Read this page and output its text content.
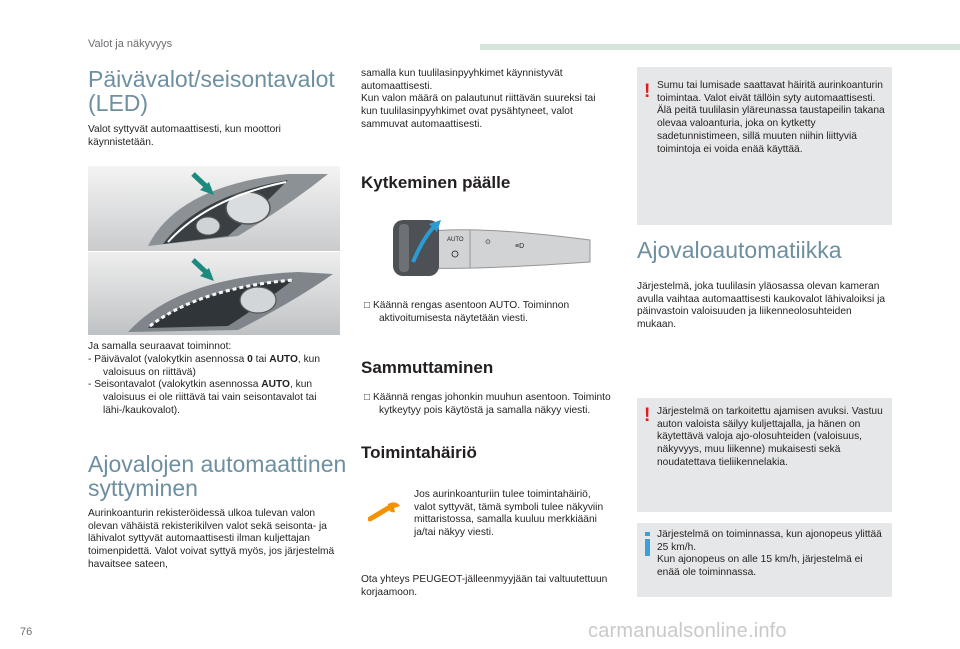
Valot ja näkyvyys
Päivävalot/seisontavalot
(LED)

Valot syttyvät automaattisesti, kun moottori käynnistetään.

Ja samalla seuraavat toiminnot:

- Päivävalot (valokytkin asennossa 0 tai AUTO, kun valoisuus on riittävä)

- Seisontavalot (valokytkin asennossa AUTO, kun valoisuus ei ole riittävä tai vain seisontavalot tai lähi-/kaukovalot).

Ajovalojen automaattinen
syttyminen

Aurinkoanturin rekisteröidessä ulkoa tulevan valon olevan vähäistä rekisterikilven valot sekä seisonta- ja lähivalot syttyvät automaattisesti ilman kuljettajan toimenpidettä. Valot voivat syttyä myös, jos järjestelmä havaitsee sateen,

samalla kun tuulilasinpyyhkimet käynnistyvät automaattisesti.
Kun valon määrä on palautunut riittävän suureksi tai kun tuulilasinpyyhkimet ovat pysähtyneet, valot sammuvat automaattisesti.

Kytkeminen päälle
AUTO	⊙
≡D

□ Käännä rengas asentoon AUTO. Toiminnon aktivoitumisesta näytetään viesti.

Sammuttaminen

□ Käännä rengas johonkin muuhun asentoon. Toiminto kytkeytyy pois käytöstä ja samalla näkyy viesti.

Toimintahäiriö

Jos aurinkoanturiin tulee toimintahäiriö, valot syttyvät, tämä symboli tulee näkyviin mittaristossa, samalla kuuluu merkkiääni ja/tai näkyy viesti.

Ota yhteys PEUGEOT-jälleenmyyjään tai valtuutettuun korjaamoon.

! Sumu tai lumisade saattavat häiritä aurinkoanturin toimintaa. Valot eivät tällöin syty automaattisesti.
Älä peitä tuulilasin yläreunassa taustapeilin takana olevaa valoanturia, joka on kytketty sadetunnistimeen, sillä muuten niihin liittyviä toimintoja ei voida enää käyttää.

Ajovaloautomatiikka

Järjestelmä, joka tuulilasin yläosassa olevan kameran avulla vaihtaa automaattisesti kaukovalot lähivaloiksi ja päinvastoin valoisuuden ja liikenneolosuhteiden mukaan.

! Järjestelmä on tarkoitettu ajamisen avuksi. Vastuu auton valoista säilyy kuljettajalla, ja hänen on käytettävä valoja ajo-olosuhteiden (valoisuus, näkyvyys, muu liikenne) mukaisesti sekä noudatettava tieliikennelakia.

Järjestelmä on toiminnassa, kun ajonopeus ylittää 25 km/h.
Kun ajonopeus on alle 15 km/h, järjestelmä ei enää ole toiminnassa.

76	carmanualsonline.info
